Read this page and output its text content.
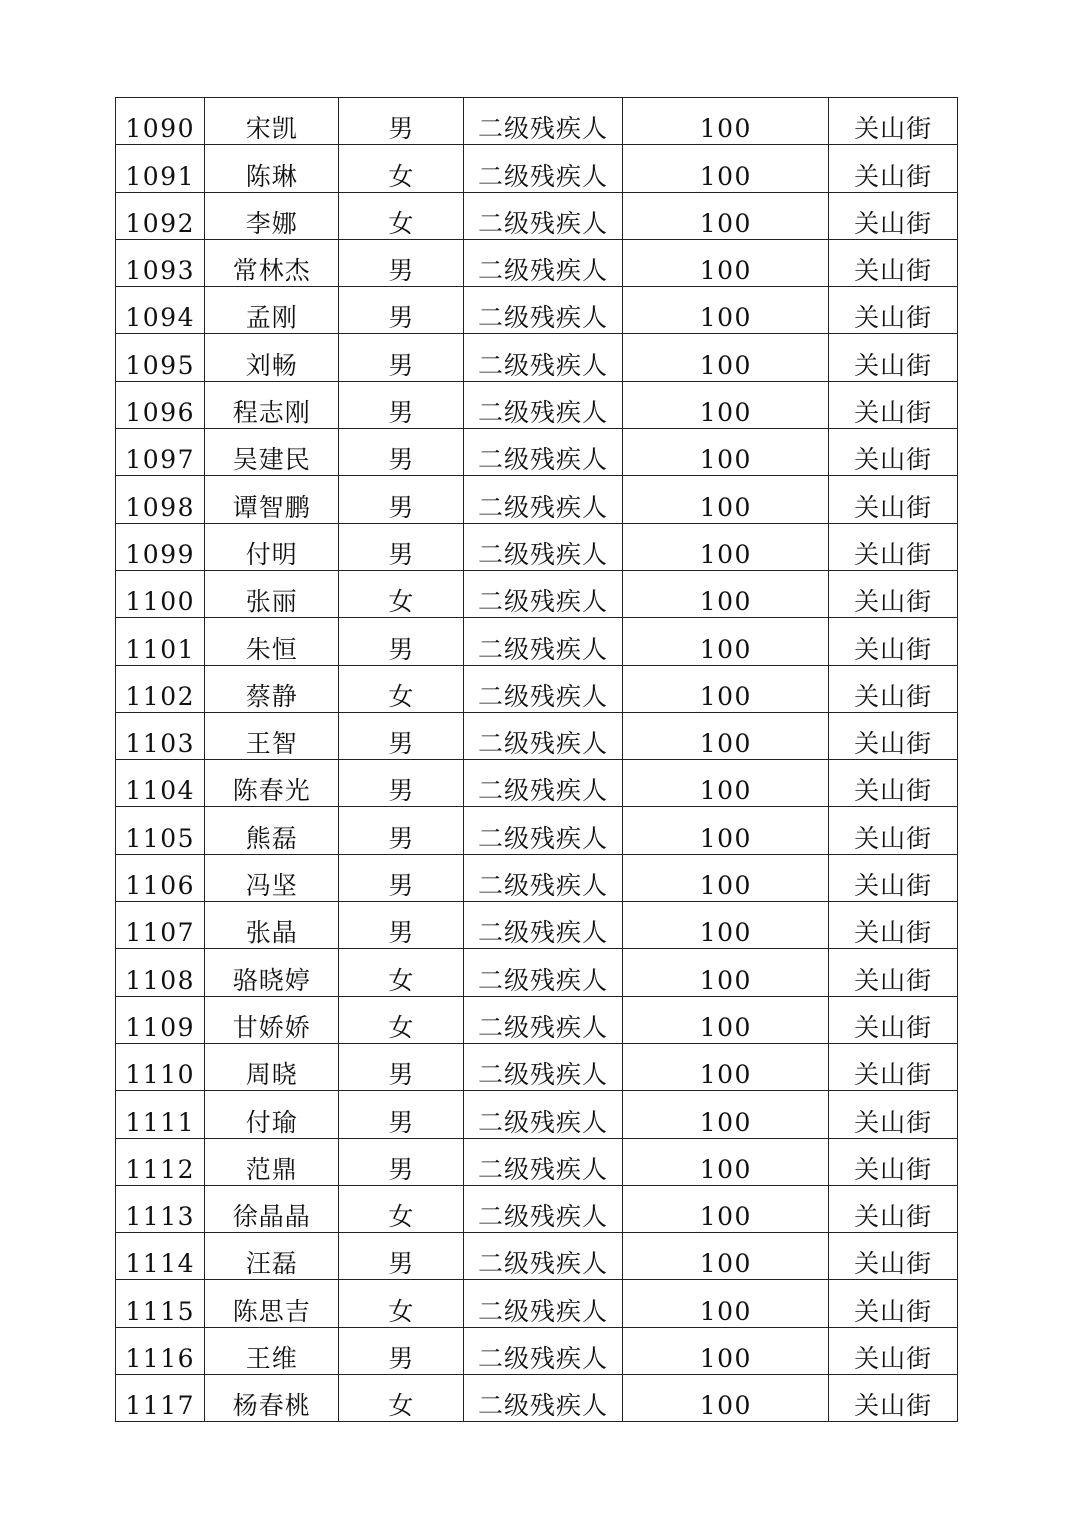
1090	宋凯	男	二级残疾人	100	关山街
1091	陈琳	女	二级残疾人	100	关山街
1092	李娜	女	二级残疾人	100	关山街
1093	常林杰	男	二级残疾人	100	关山街
1094	孟刚	男	二级残疾人	100	关山街
1095	刘畅	男	二级残疾人	100	关山街
1096	程志刚	男	二级残疾人	100	关山街
1097	吴建民	男	二级残疾人	100	关山街
1098	谭智鹏	男	二级残疾人	100	关山街
1099	付明	男	二级残疾人	100	关山街
1100	张丽	女	二级残疾人	100	关山街
1101	朱恒	男	二级残疾人	100	关山街
1102	蔡静	女	二级残疾人	100	关山街
1103	王智	男	二级残疾人	100	关山街
1104	陈春光	男	二级残疾人	100	关山街
1105	熊磊	男	二级残疾人	100	关山街
1106	冯坚	男	二级残疾人	100	关山街
1107	张晶	男	二级残疾人	100	关山街
1108	骆晓婷	女	二级残疾人	100	关山街
1109	甘娇娇	女	二级残疾人	100	关山街
1110	周晓	男	二级残疾人	100	关山街
1111	付瑜	男	二级残疾人	100	关山街
1112	范鼎	男	二级残疾人	100	关山街
1113	徐晶晶	女	二级残疾人	100	关山街
1114	汪磊	男	二级残疾人	100	关山街
1115	陈思吉	女	二级残疾人	100	关山街
1116	王维	男	二级残疾人	100	关山街
1117	杨春桃	女	二级残疾人	100	关山街
